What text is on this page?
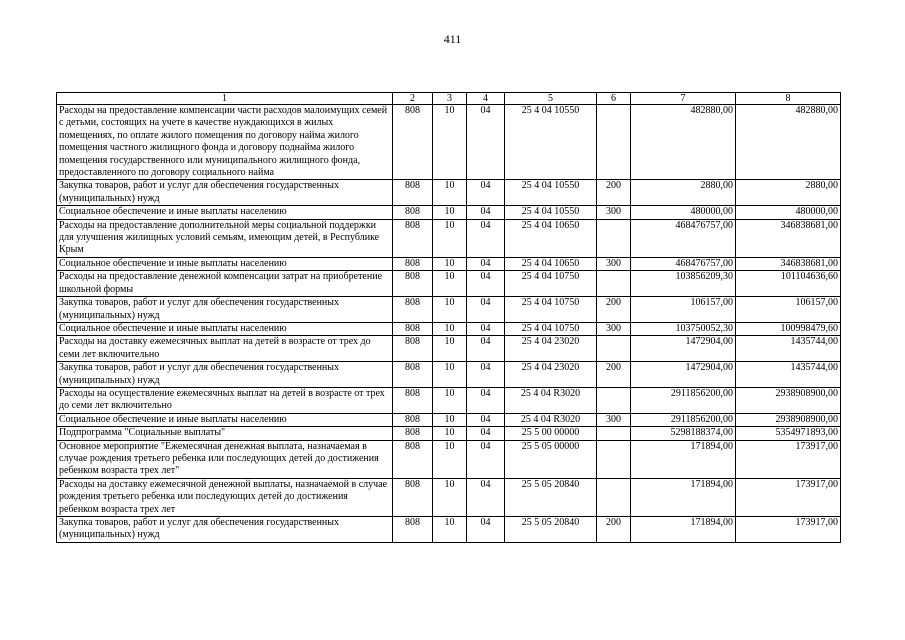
411
1	2	3	4	5	6	7	8
Расходы на предоставление компенсации части расходов малоимущих семей с детьми, состоящих на учете в качестве нуждающихся в жилых помещениях, по оплате жилого помещения по договору найма жилого помещения частного жилищного фонда и договору поднайма жилого помещения государственного или муниципального жилищного фонда, предоставленного по договору социального найма	808	10	04	25 4 04 10550		482880,00	482880,00
Закупка товаров, работ и услуг для обеспечения государственных (муниципальных) нужд	808	10	04	25 4 04 10550	200	2880,00	2880,00
Социальное обеспечение и иные выплаты населению	808	10	04	25 4 04 10550	300	480000,00	480000,00
Расходы на предоставление дополнительной меры социальной поддержки для улучшения жилищных условий семьям, имеющим детей, в Республике Крым	808	10	04	25 4 04 10650		468476757,00	346838681,00
Социальное обеспечение и иные выплаты населению	808	10	04	25 4 04 10650	300	468476757,00	346838681,00
Расходы на предоставление денежной компенсации затрат на приобретение школьной формы	808	10	04	25 4 04 10750		103856209,30	101104636,60
Закупка товаров, работ и услуг для обеспечения государственных (муниципальных) нужд	808	10	04	25 4 04 10750	200	106157,00	106157,00
Социальное обеспечение и иные выплаты населению	808	10	04	25 4 04 10750	300	103750052,30	100998479,60
Расходы на доставку ежемесячных выплат на детей в возрасте от трех до семи лет включительно	808	10	04	25 4 04 23020		1472904,00	1435744,00
Закупка товаров, работ и услуг для обеспечения государственных (муниципальных) нужд	808	10	04	25 4 04 23020	200	1472904,00	1435744,00
Расходы на осуществление ежемесячных выплат на детей в возрасте от трех до семи лет включительно	808	10	04	25 4 04 R3020		2911856200,00	2938908900,00
Социальное обеспечение и иные выплаты населению	808	10	04	25 4 04 R3020	300	2911856200,00	2938908900,00
Подпрограмма "Социальные выплаты"	808	10	04	25 5 00 00000		5298188374,00	5354971893,00
Основное мероприятие "Ежемесячная денежная выплата, назначаемая в случае рождения третьего ребенка или последующих детей до достижения ребенком возраста трех лет"	808	10	04	25 5 05 00000		171894,00	173917,00
Расходы на доставку ежемесячной денежной выплаты, назначаемой в случае рождения третьего ребенка или последующих детей до достижения ребенком возраста трех лет	808	10	04	25 5 05 20840		171894,00	173917,00
Закупка товаров, работ и услуг для обеспечения государственных (муниципальных) нужд	808	10	04	25 5 05 20840	200	171894,00	173917,00
